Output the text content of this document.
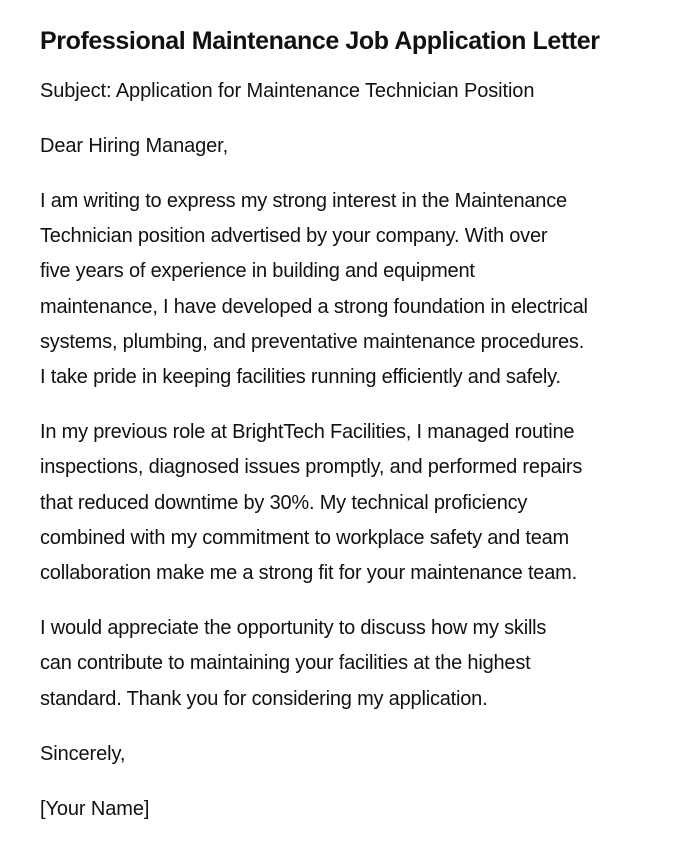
Professional Maintenance Job Application Letter

Subject: Application for Maintenance Technician Position

Dear Hiring Manager,

I am writing to express my strong interest in the Maintenance
Technician position advertised by your company. With over
five years of experience in building and equipment
maintenance, I have developed a strong foundation in electrical
systems, plumbing, and preventative maintenance procedures.
I take pride in keeping facilities running efficiently and safely.

In my previous role at BrightTech Facilities, I managed routine
inspections, diagnosed issues promptly, and performed repairs
that reduced downtime by 30%. My technical proficiency
combined with my commitment to workplace safety and team
collaboration make me a strong fit for your maintenance team.

I would appreciate the opportunity to discuss how my skills
can contribute to maintaining your facilities at the highest
standard. Thank you for considering my application.

Sincerely,

[Your Name]
